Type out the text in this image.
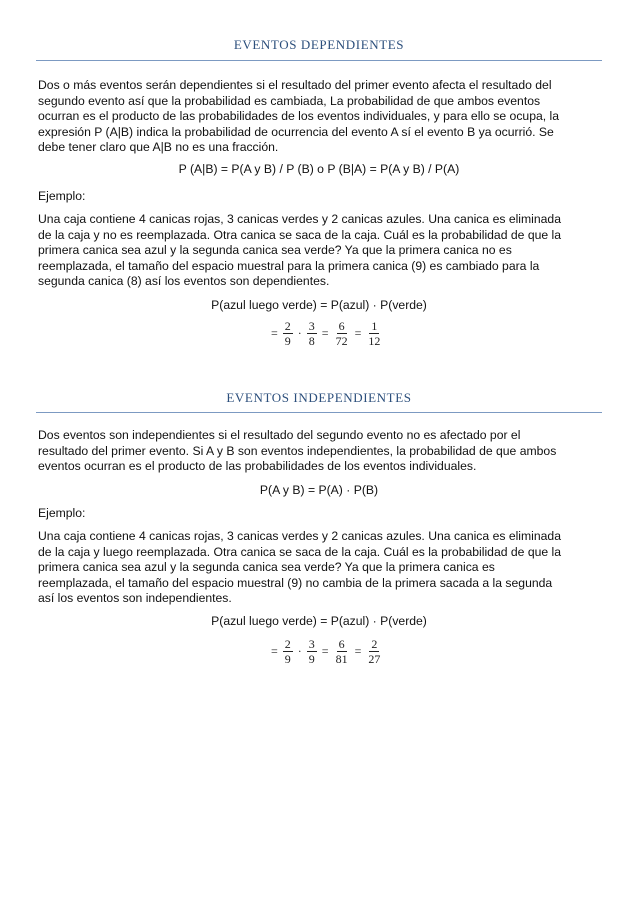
EVENTOS DEPENDIENTES

Dos o más eventos serán dependientes si el resultado del primer evento afecta el resultado del

segundo evento así que la probabilidad es cambiada, La probabilidad de que ambos eventos

ocurran es el producto de las probabilidades de los eventos individuales, y para ello se ocupa, la

expresión P (A|B) indica la probabilidad de ocurrencia del evento A sí el evento B ya ocurrió. Se

debe tener claro que A|B no es una fracción.

P (A|B) = P(A y B) / P (B) o P (B|A) = P(A y B) / P(A)
Ejemplo:

Una caja contiene 4 canicas rojas, 3 canicas verdes y 2 canicas azules. Una canica es eliminada

de la caja y no es reemplazada. Otra canica se saca de la caja. Cuál es la probabilidad de que la

primera canica sea azul y la segunda canica sea verde? Ya que la primera canica no es

reemplazada, el tamaño del espacio muestral para la primera canica (9) es cambiado para la

segunda canica (8) así los eventos son dependientes.

P(azul luego verde) = P(azul) · P(verde)
= $\frac{2}{9} \cdot \frac{3}{8} = \frac{6}{72} = \frac{1}{12}$
EVENTOS INDEPENDIENTES

Dos eventos son independientes si el resultado del segundo evento no es afectado por el

resultado del primer evento. Si A y B son eventos independientes, la probabilidad de que ambos

eventos ocurran es el producto de las probabilidades de los eventos individuales.

P(A y B) = P(A) · P(B)
Ejemplo:

Una caja contiene 4 canicas rojas, 3 canicas verdes y 2 canicas azules. Una canica es eliminada

de la caja y luego reemplazada. Otra canica se saca de la caja. Cuál es la probabilidad de que la

primera canica sea azul y la segunda canica sea verde? Ya que la primera canica es

reemplazada, el tamaño del espacio muestral (9) no cambia de la primera sacada a la segunda

así los eventos son independientes.

P(azul luego verde) = P(azul) · P(verde)
= $\frac{2}{9} \cdot \frac{3}{9} = \frac{6}{81} = \frac{2}{27}$
